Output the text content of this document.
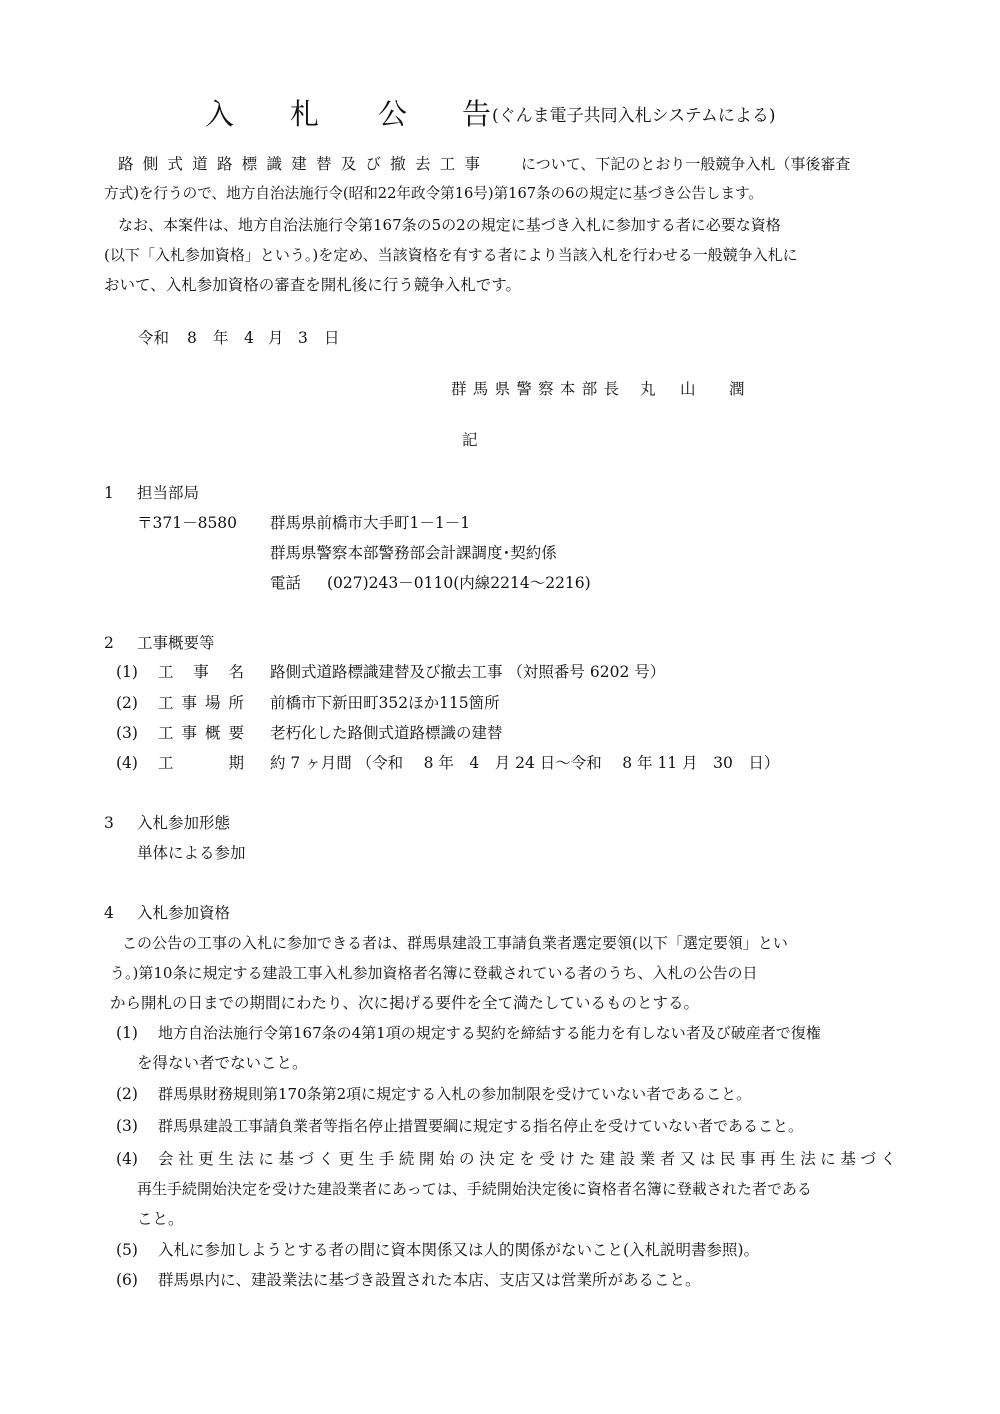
入 札 公 告 (ぐんま電子共同入札システムによる)
路側式道路標識建替及び撤去工事	について、下記のとおり一般競争入札（事後審査
方式)を行うので、地方自治法施行令(昭和22年政令第16号)第167条の6の規定に基づき公告します。
なお、本案件は、地方自治法施行令第167条の5の2の規定に基づき入札に参加する者に必要な資格
(以下「入札参加資格」という。)を定め、当該資格を有する者により当該入札を行わせる一般競争入札に
おいて、入札参加資格の審査を開札後に行う競争入札です。
令和 8 年 4 月 3 日
群馬県警察本部長 丸 山 潤
記
1 担当部局
〒371－8580 群馬県前橋市大手町1－1－1
群馬県警察本部警務部会計課調度･契約係
電話 (027)243－0110(内線2214～2216)
2 工事概要等
(1) 工事名 路側式道路標識建替及び撤去工事 （対照番号 6202 号）
(2) 工事場所 前橋市下新田町352ほか115箇所
(3) 工事概要 老朽化した路側式道路標識の建替
(4) 工期 約 7 ヶ月間 （令和　 8 年　4　月 24 日～令和　 8 年 11 月　30　日）
3 入札参加形態
単体による参加
4 入札参加資格
この公告の工事の入札に参加できる者は、群馬県建設工事請負業者選定要領(以下「選定要領」とい
う。)第10条に規定する建設工事入札参加資格者名簿に登載されている者のうち、入札の公告の日
から開札の日までの期間にわたり、次に掲げる要件を全て満たしているものとする。
(1) 地方自治法施行令第167条の4第1項の規定する契約を締結する能力を有しない者及び破産者で復権
を得ない者でないこと。
(2) 群馬県財務規則第170条第2項に規定する入札の参加制限を受けていない者であること。
(3) 群馬県建設工事請負業者等指名停止措置要綱に規定する指名停止を受けていない者であること。
(4) 会社更生法に基づく更生手続開始の決定を受けた建設業者又は民事再生法に基づく
再生手続開始決定を受けた建設業者にあっては、手続開始決定後に資格者名簿に登載された者である
こと。
(5) 入札に参加しようとする者の間に資本関係又は人的関係がないこと(入札説明書参照)。
(6) 群馬県内に、建設業法に基づき設置された本店、支店又は営業所があること。
